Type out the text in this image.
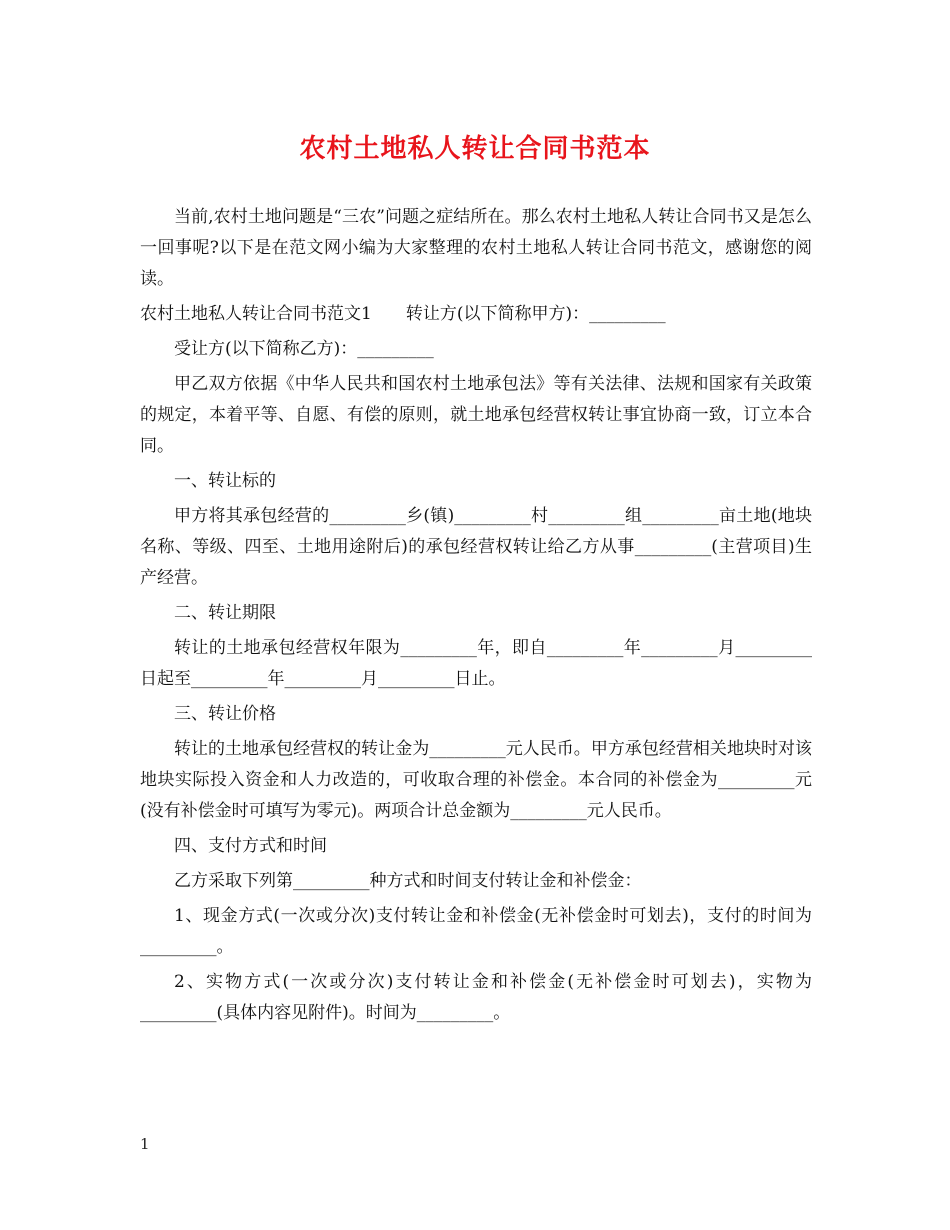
农村土地私人转让合同书范本

当前,农村土地问题是“三农”问题之症结所在。那么农村土地私人转让合同书又是怎么一回事呢?以下是在范文网小编为大家整理的农村土地私人转让合同书范文，感谢您的阅读。

农村土地私人转让合同书范文1 转让方(以下简称甲方)：_________

受让方(以下简称乙方)：_________

甲乙双方依据《中华人民共和国农村土地承包法》等有关法律、法规和国家有关政策的规定，本着平等、自愿、有偿的原则，就土地承包经营权转让事宜协商一致，订立本合同。

一、转让标的

甲方将其承包经营的_________乡(镇)_________村_________组_________亩土地(地块名称、等级、四至、土地用途附后)的承包经营权转让给乙方从事_________(主营项目)生产经营。

二、转让期限

转让的土地承包经营权年限为_________年，即自_________年_________月_________日起至_________年_________月_________日止。

三、转让价格

转让的土地承包经营权的转让金为_________元人民币。甲方承包经营相关地块时对该地块实际投入资金和人力改造的，可收取合理的补偿金。本合同的补偿金为_________元(没有补偿金时可填写为零元)。两项合计总金额为_________元人民币。

四、支付方式和时间

乙方采取下列第_________种方式和时间支付转让金和补偿金：

1、现金方式(一次或分次)支付转让金和补偿金(无补偿金时可划去)，支付的时间为_________。

2、实物方式(一次或分次)支付转让金和补偿金(无补偿金时可划去)，实物为_________(具体内容见附件)。时间为_________。

1
